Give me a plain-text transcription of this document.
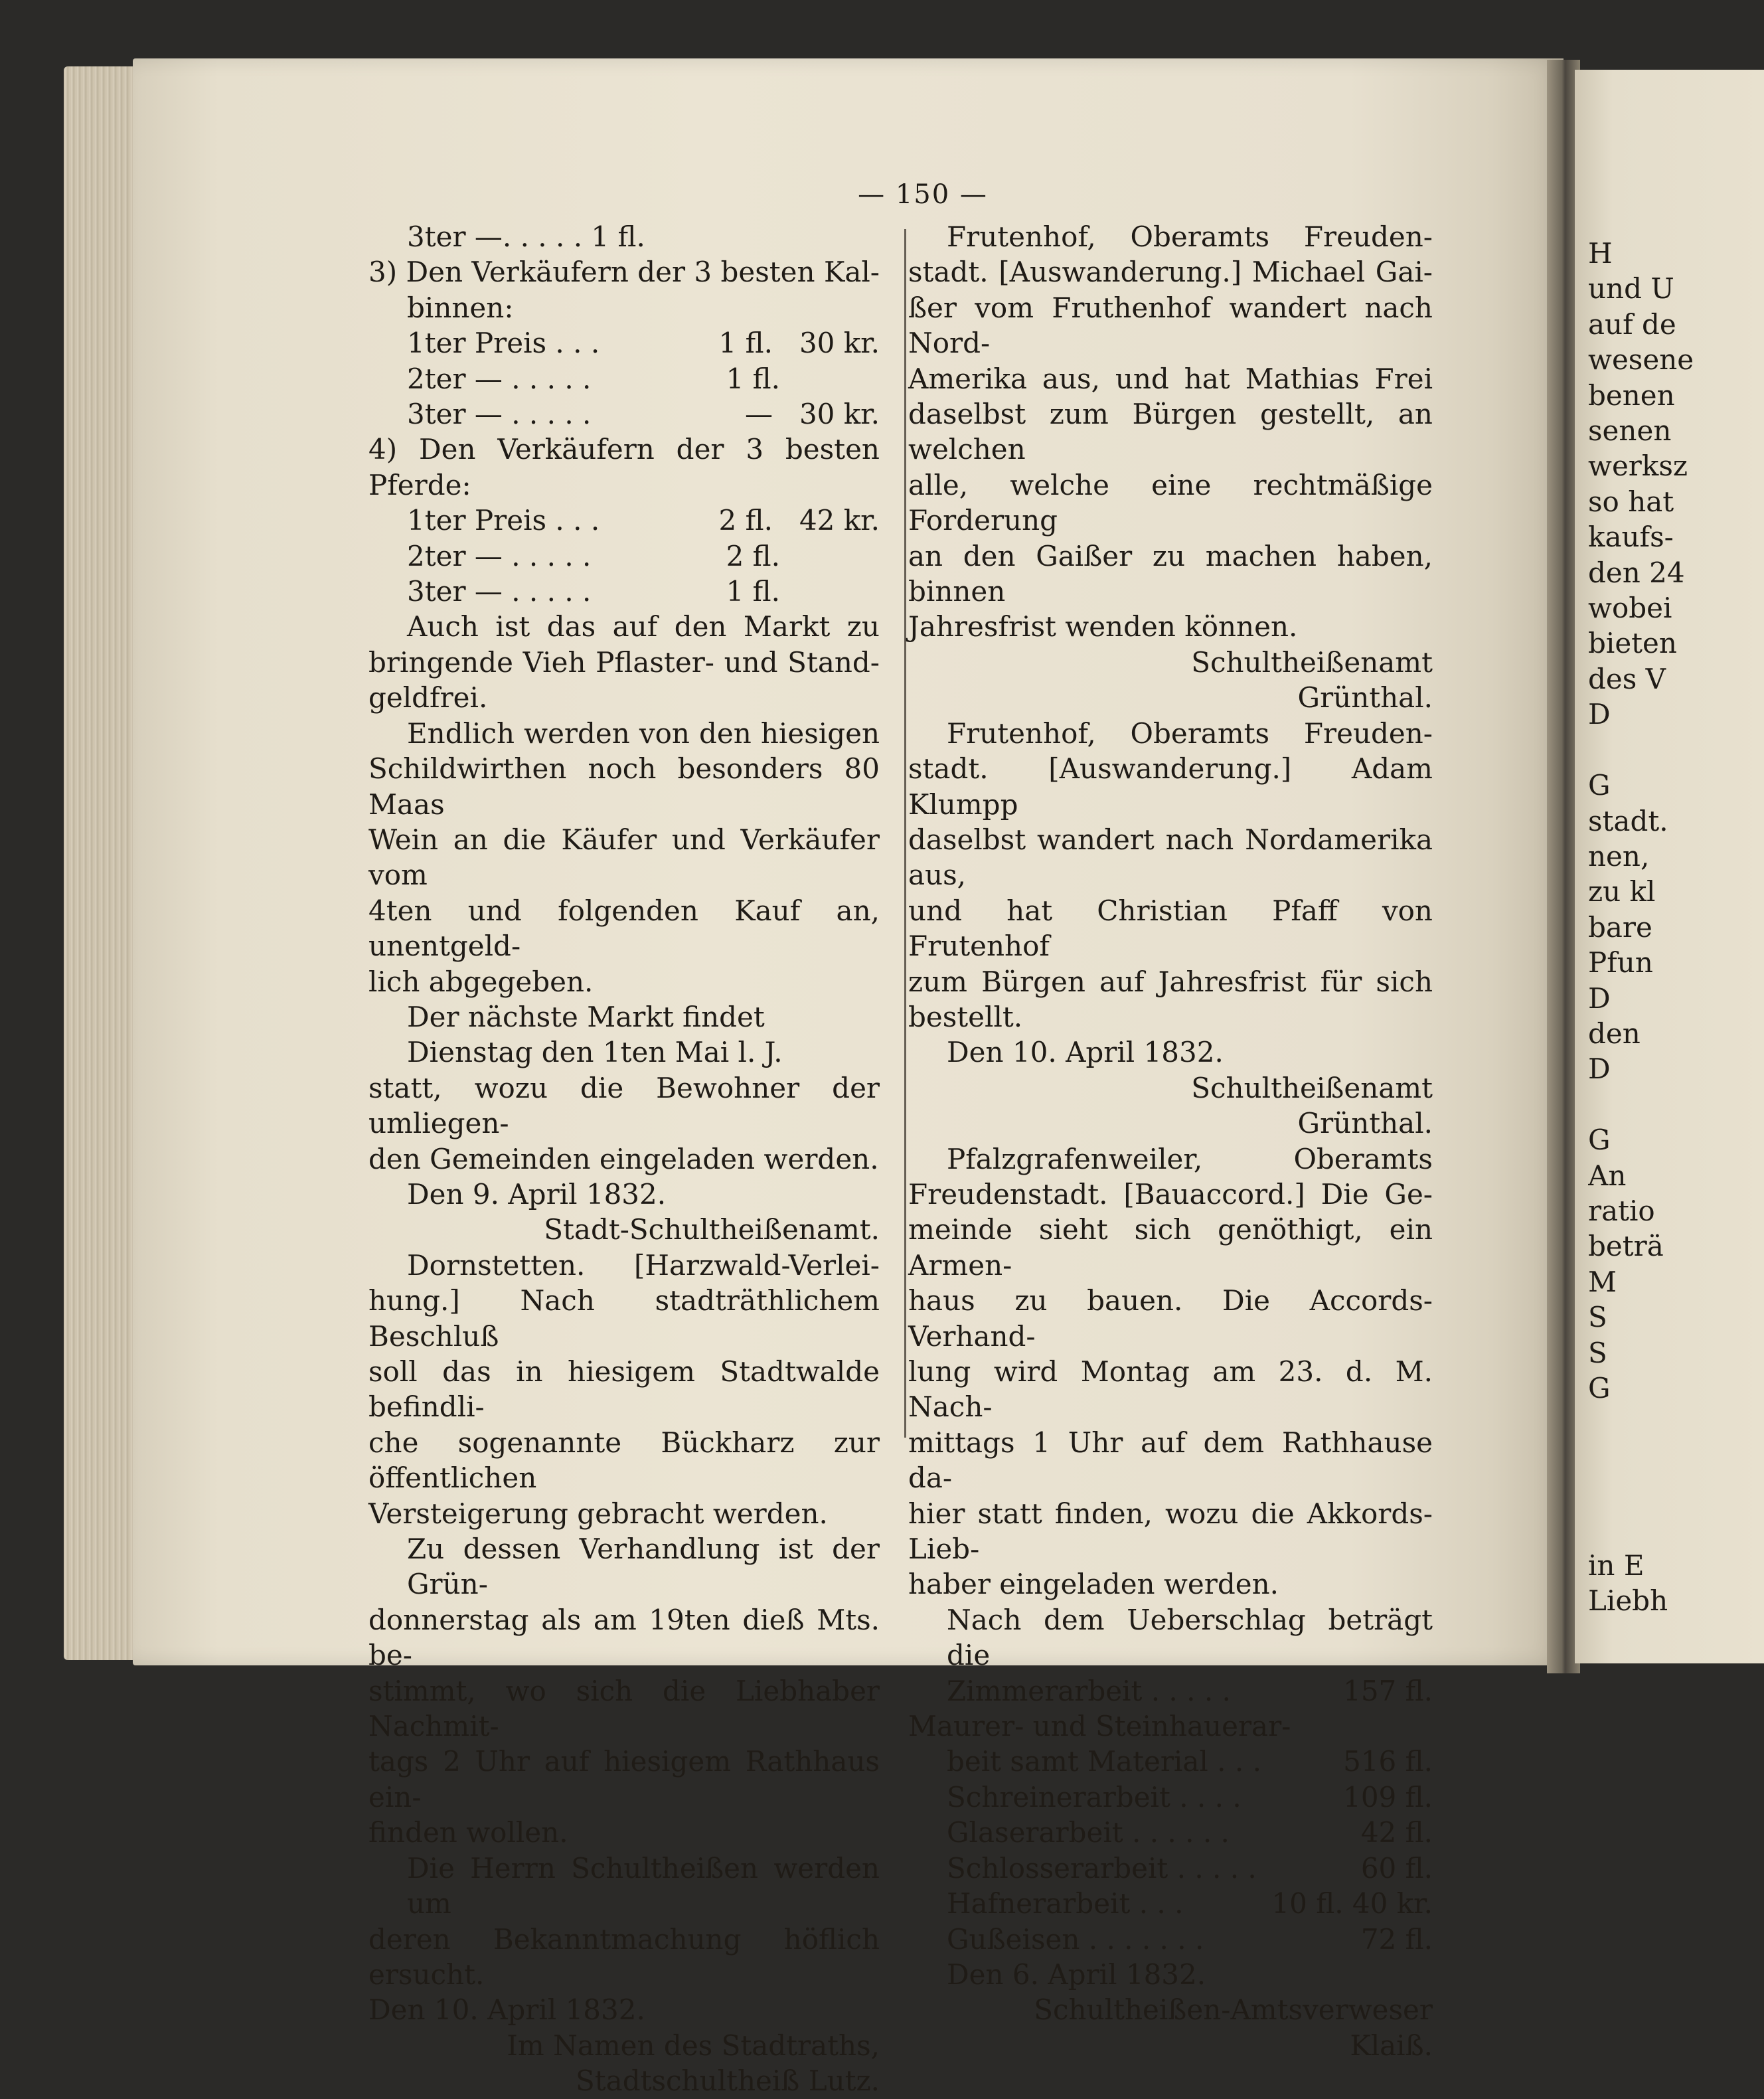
— 150 —
3ter —. . . . . 1 fl.
3) Den Verkäufern der 3 besten Kal-
binnen:
1ter Preis . . .	1 fl. 30 kr.
2ter — . . . . .	1 fl.
3ter — . . . . .	— 30 kr.
4) Den Verkäufern der 3 besten Pferde:
1ter Preis . . .	2 fl. 42 kr.
2ter — . . . . .	2 fl.
3ter — . . . . .	1 fl.
Auch ist das auf den Markt zu
bringende Vieh Pflaster- und Stand-
geldfrei.
Endlich werden von den hiesigen
Schildwirthen noch besonders 80 Maas
Wein an die Käufer und Verkäufer vom
4ten und folgenden Kauf an, unentgeld-
lich abgegeben.
Der nächste Markt findet
Dienstag den 1ten Mai l. J.
statt, wozu die Bewohner der umliegen-
den Gemeinden eingeladen werden.
Den 9. April 1832.
Stadt-Schultheißenamt.
Dornstetten. [Harzwald-Verlei-
hung.] Nach stadträthlichem Beschluß
soll das in hiesigem Stadtwalde befindli-
che sogenannte Bückharz zur öffentlichen
Versteigerung gebracht werden.
Zu dessen Verhandlung ist der Grün-
donnerstag als am 19ten dieß Mts. be-
stimmt, wo sich die Liebhaber Nachmit-
tags 2 Uhr auf hiesigem Rathhaus ein-
finden wollen.
Die Herrn Schultheißen werden um
deren Bekanntmachung höflich ersucht.
Den 10. April 1832.
Im Namen des Stadtraths,
Stadtschultheiß Lutz.
Frutenhof, Oberamts Freuden-
stadt. [Auswanderung.] Michael Gai-
ßer vom Fruthenhof wandert nach Nord-
Amerika aus, und hat Mathias Frei
daselbst zum Bürgen gestellt, an welchen
alle, welche eine rechtmäßige Forderung
an den Gaißer zu machen haben, binnen
Jahresfrist wenden können.
Schultheißenamt
Grünthal.
Frutenhof, Oberamts Freuden-
stadt. [Auswanderung.] Adam Klumpp
daselbst wandert nach Nordamerika aus,
und hat Christian Pfaff von Frutenhof
zum Bürgen auf Jahresfrist für sich
bestellt.
Den 10. April 1832.
Schultheißenamt
Grünthal.
Pfalzgrafenweiler, Oberamts
Freudenstadt. [Bauaccord.] Die Ge-
meinde sieht sich genöthigt, ein Armen-
haus zu bauen. Die Accords-Verhand-
lung wird Montag am 23. d. M. Nach-
mittags 1 Uhr auf dem Rathhause da-
hier statt finden, wozu die Akkords-Lieb-
haber eingeladen werden.
Nach dem Ueberschlag beträgt die
Zimmerarbeit . . . . .	157 fl.
Maurer- und Steinhauerar-
beit samt Material . . .	516 fl.
Schreinerarbeit . . . .	109 fl.
Glaserarbeit . . . . . .	42 fl.
Schlosserarbeit . . . . .	60 fl.
Hafnerarbeit . . .	10 fl. 40 kr.
Gußeisen . . . . . . .	72 fl.
Den 6. April 1832.
Schultheißen-Amtsverweser
Klaiß.
H
und U
auf de
wesene
benen
senen
werksz
so hat
kaufs-
den 24
wobei
bieten
des V
D

G
stadt.
nen,
zu kl
bare
Pfun
D
den
D

G
An
ratio
beträ
M
S
S
G

in E
Liebh
